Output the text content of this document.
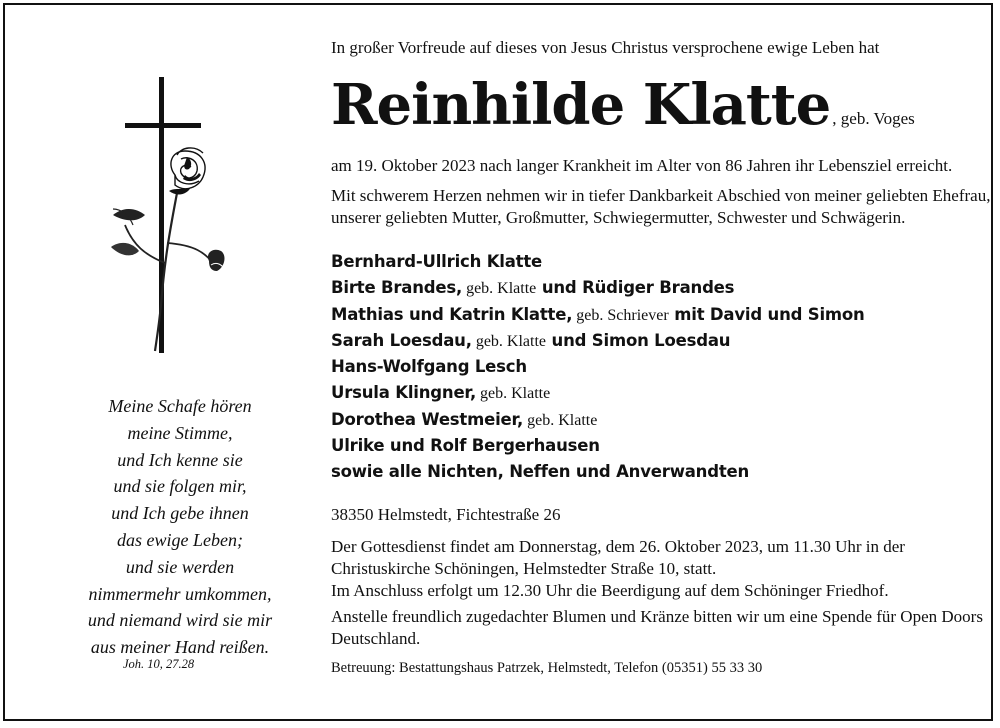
Meine Schafe hören
meine Stimme,
und Ich kenne sie
und sie folgen mir,
und Ich gebe ihnen
das ewige Leben;
und sie werden
nimmermehr umkommen,
und niemand wird sie mir
aus meiner Hand reißen.
Joh. 10, 27.28

In großer Vorfreude auf dieses von Jesus Christus versprochene ewige Leben hat

Reinhilde Klatte , geb. Voges

am 19. Oktober 2023 nach langer Krankheit im Alter von 86 Jahren ihr Lebensziel erreicht.

Mit schwerem Herzen nehmen wir in tiefer Dankbarkeit Abschied von meiner geliebten Ehefrau, unserer geliebten Mutter, Großmutter, Schwiegermutter, Schwester und Schwägerin.

Bernhard-Ullrich Klatte
Birte Brandes, geb. Klatte und Rüdiger Brandes
Mathias und Katrin Klatte, geb. Schriever mit David und Simon
Sarah Loesdau, geb. Klatte und Simon Loesdau
Hans-Wolfgang Lesch
Ursula Klingner, geb. Klatte
Dorothea Westmeier, geb. Klatte
Ulrike und Rolf Bergerhausen
sowie alle Nichten, Neffen und Anverwandten
38350 Helmstedt, Fichtestraße 26
Der Gottesdienst findet am Donnerstag, dem 26. Oktober 2023, um 11.30 Uhr in der Christuskirche Schöningen, Helmstedter Straße 10, statt.
Im Anschluss erfolgt um 12.30 Uhr die Beerdigung auf dem Schöninger Friedhof.
Anstelle freundlich zugedachter Blumen und Kränze bitten wir um eine Spende für Open Doors Deutschland.
Betreuung: Bestattungshaus Patrzek, Helmstedt, Telefon (05351) 55 33 30
